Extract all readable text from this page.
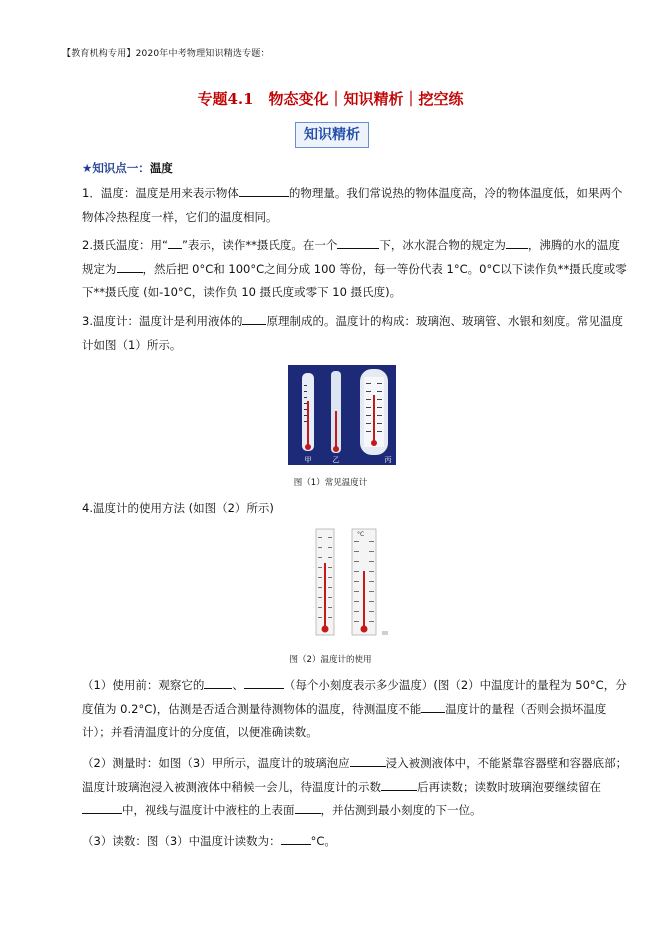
【教育机构专用】2020年中考物理知识精选专题：
专题4.1　物态变化｜知识精析｜挖空练
知识精析
★知识点一：温度
1．温度：温度是用来表示物体	的物理量。我们常说热的物体温度高，冷的物体温度低，如果两个物体冷热程度一样，它们的温度相同。
2.摄氏温度：用“ ”表示，读作**摄氏度。在一个	下，冰水混合物的规定为 ，沸腾的水的温度规定为 ，然后把 0°C和 100°C之间分成 100 等份，每一等份代表 1°C。0°C以下读作负**摄氏度或零下**摄氏度 (如-10°C，读作负 10 摄氏度或零下 10 摄氏度)。
3.温度计：温度计是利用液体的 原理制成的。温度计的构成：玻璃泡、玻璃管、水银和刻度。常见温度计如图（1）所示。
甲	乙	丙
图（1）常见温度计
4.温度计的使用方法 (如图（2）所示)
°C
图（2）温度计的使用
（1）使用前：观察它的 、	（每个小刻度表示多少温度）(图（2）中温度计的量程为 50°C，分度值为 0.2°C)，估测是否适合测量待测物体的温度，待测温度不能 温度计的量程（否则会损坏温度计）；并看清温度计的分度值，以便准确读数。
（2）测量时：如图（3）甲所示，温度计的玻璃泡应	浸入被测液体中，不能紧靠容器壁和容器底部；温度计玻璃泡浸入被测液体中稍候一会儿，待温度计的示数	后再读数；读数时玻璃泡要继续留在中，视线与温度计中液柱的上表面 ，并估测到最小刻度的下一位。
（3）读数：图（3）中温度计读数为：	°C。
